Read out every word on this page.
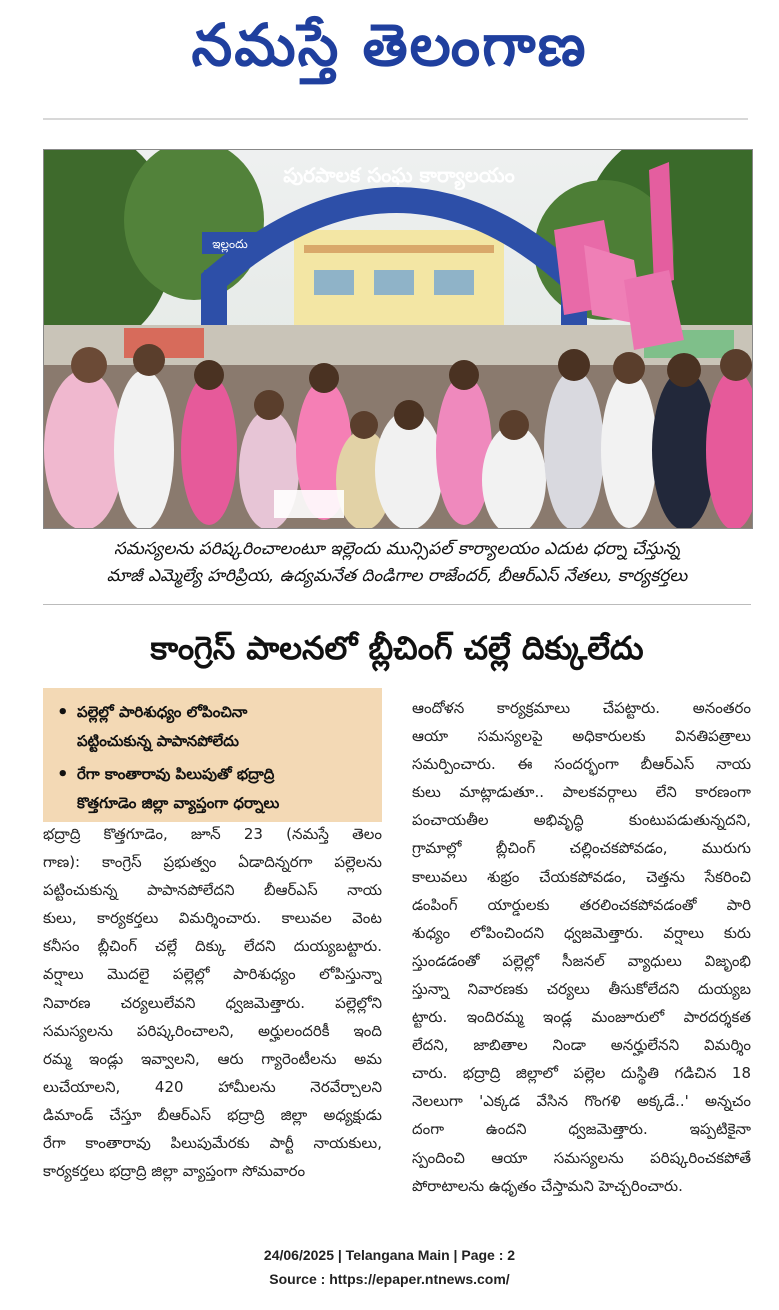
నమస్తే తెలంగాణ
పురపాలక సంఘ కార్యాలయం
ఇల్లందు
సమస్యలను పరిష్కరించాలంటూ ఇల్లెందు మున్సిపల్ కార్యాలయం ఎదుట ధర్నా చేస్తున్న
మాజీ ఎమ్మెల్యే హరిప్రియ, ఉద్యమనేత దిండిగాల రాజేందర్, బీఆర్‌ఎస్ నేతలు, కార్యకర్తలు
కాంగ్రెస్ పాలనలో బ్లీచింగ్ చల్లే దిక్కులేదు
• పల్లెల్లో పారిశుధ్యం లోపించినా
పట్టించుకున్న పాపానపోలేదు
• రేగా కాంతారావు పిలుపుతో భద్రాద్రి
కొత్తగూడెం జిల్లా వ్యాప్తంగా ధర్నాలు
భద్రాద్రి కొత్తగూడెం, జూన్ 23 (నమస్తే తెలం
గాణ): కాంగ్రెస్ ప్రభుత్వం ఏడాదిన్నరగా పల్లెలను
పట్టించుకున్న పాపానపోలేదని బీఆర్‌ఎస్ నాయ
కులు, కార్యకర్తలు విమర్శించారు. కాలువల వెంట
కనీసం బ్లీచింగ్ చల్లే దిక్కు లేదని దుయ్యబట్టారు.
వర్షాలు మొదలై పల్లెల్లో పారిశుధ్యం లోపిస్తున్నా
నివారణ చర్యలులేవని ధ్వజమెత్తారు. పల్లెల్లోని
సమస్యలను పరిష్కరించాలని, అర్హులందరికీ ఇంది
రమ్మ ఇండ్లు ఇవ్వాలని, ఆరు గ్యారెంటీలను అమ
లుచేయాలని, 420 హామీలను నెరవేర్చాలని
డిమాండ్ చేస్తూ బీఆర్‌ఎస్ భద్రాద్రి జిల్లా అధ్యక్షుడు
రేగా కాంతారావు పిలుపుమేరకు పార్టీ నాయకులు,
కార్యకర్తలు భద్రాద్రి జిల్లా వ్యాప్తంగా సోమవారం
ఆందోళన కార్యక్రమాలు చేపట్టారు. అనంతరం
ఆయా సమస్యలపై అధికారులకు వినతిపత్రాలు
సమర్పించారు. ఈ సందర్భంగా బీఆర్‌ఎస్ నాయ
కులు మాట్లాడుతూ.. పాలకవర్గాలు లేని కారణంగా
పంచాయతీల అభివృద్ధి కుంటుపడుతున్నదని,
గ్రామాల్లో బ్లీచింగ్ చల్లించకపోవడం, మురుగు
కాలువలు శుభ్రం చేయకపోవడం, చెత్తను సేకరించి
డంపింగ్ యార్డులకు తరలించకపోవడంతో పారి
శుధ్యం లోపించిందని ధ్వజమెత్తారు. వర్షాలు కురు
స్తుండడంతో పల్లెల్లో సీజనల్ వ్యాధులు విజృంభి
స్తున్నా నివారణకు చర్యలు తీసుకోలేదని దుయ్యబ
ట్టారు. ఇందిరమ్మ ఇండ్ల మంజూరులో పారదర్శకత
లేదని, జాబితాల నిండా అనర్హులేనని విమర్శిం
చారు. భద్రాద్రి జిల్లాలో పల్లెల దుస్థితి గడిచిన 18
నెలలుగా 'ఎక్కడ వేసిన గొంగళి అక్కడే..' అన్నచం
దంగా ఉందని ధ్వజమెత్తారు. ఇప్పటికైనా
స్పందించి ఆయా సమస్యలను పరిష్కరించకపోతే
పోరాటాలను ఉధృతం చేస్తామని హెచ్చరించారు.
24/06/2025 | Telangana Main | Page : 2
Source : https://epaper.ntnews.com/
